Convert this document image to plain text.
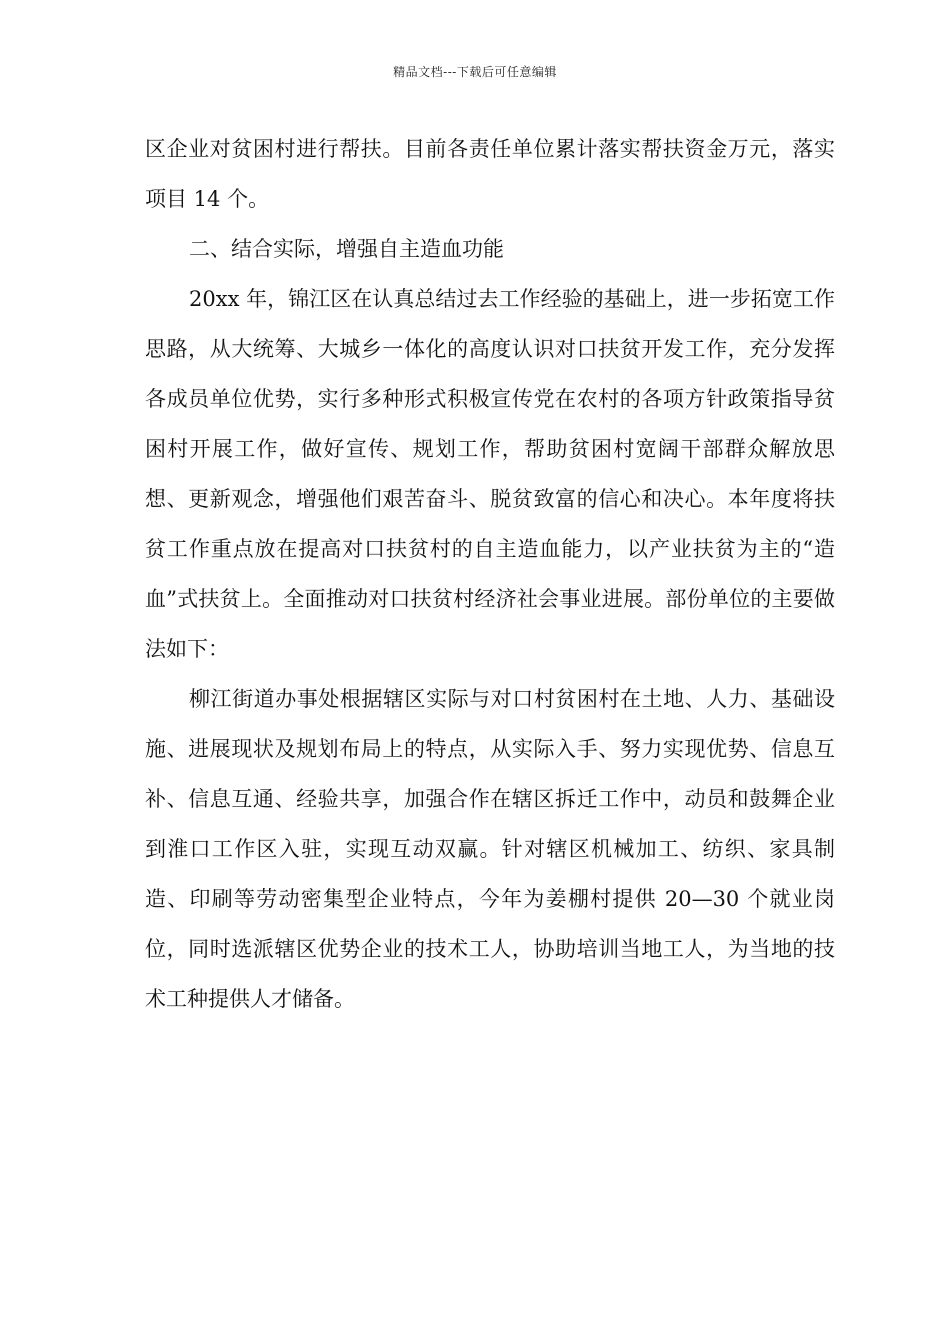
精品文档---下载后可任意编辑

区企业对贫困村进行帮扶。目前各责任单位累计落实帮扶资金万元，落实项目 14 个。

二、结合实际，增强自主造血功能

20xx 年，锦江区在认真总结过去工作经验的基础上，进一步拓宽工作思路，从大统筹、大城乡一体化的高度认识对口扶贫开发工作，充分发挥各成员单位优势，实行多种形式积极宣传党在农村的各项方针政策指导贫困村开展工作，做好宣传、规划工作，帮助贫困村宽阔干部群众解放思想、更新观念，增强他们艰苦奋斗、脱贫致富的信心和决心。本年度将扶贫工作重点放在提高对口扶贫村的自主造血能力，以产业扶贫为主的“造血”式扶贫上。全面推动对口扶贫村经济社会事业进展。部份单位的主要做法如下：

柳江街道办事处根据辖区实际与对口村贫困村在土地、人力、基础设施、进展现状及规划布局上的特点，从实际入手、努力实现优势、信息互补、信息互通、经验共享，加强合作在辖区拆迁工作中，动员和鼓舞企业到淮口工作区入驻，实现互动双赢。针对辖区机械加工、纺织、家具制造、印刷等劳动密集型企业特点，今年为姜棚村提供 20—30 个就业岗位，同时选派辖区优势企业的技术工人，协助培训当地工人，为当地的技术工种提供人才储备。
